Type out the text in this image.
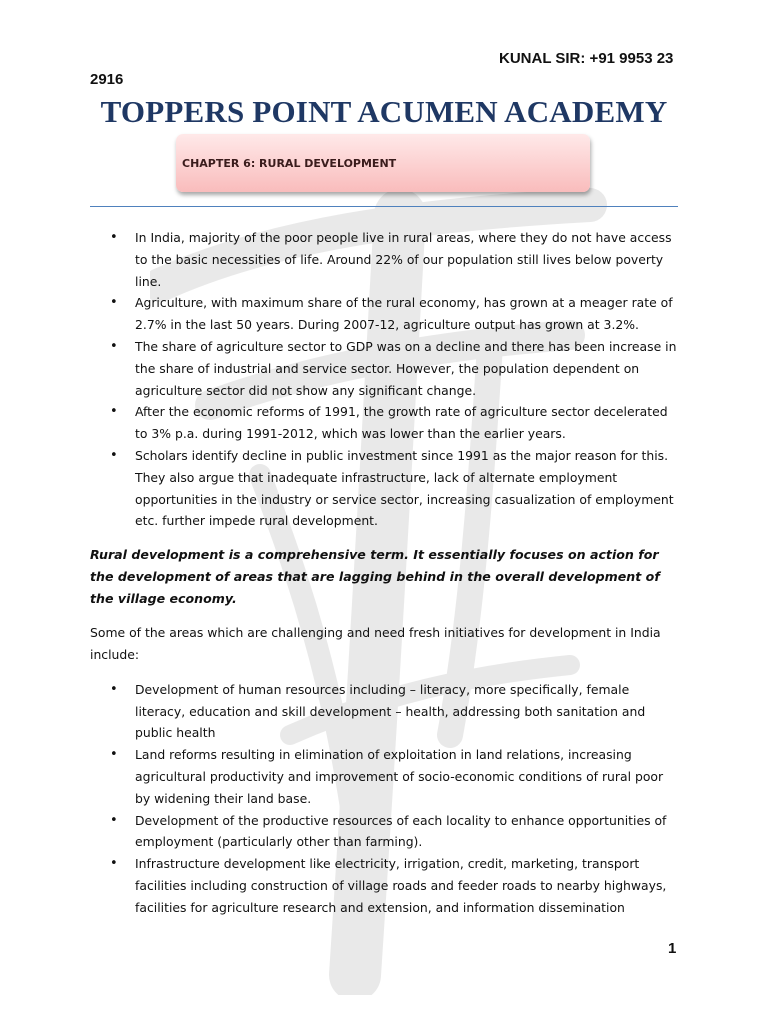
KUNAL SIR: +91 9953 23
2916
TOPPERS POINT ACUMEN ACADEMY
CHAPTER 6: RURAL DEVELOPMENT
• In India, majority of the poor people live in rural areas, where they do not have access to the basic necessities of life. Around 22% of our population still lives below poverty line.
• Agriculture, with maximum share of the rural economy, has grown at a meager rate of 2.7% in the last 50 years. During 2007-12, agriculture output has grown at 3.2%.
• The share of agriculture sector to GDP was on a decline and there has been increase in the share of industrial and service sector. However, the population dependent on agriculture sector did not show any significant change.
• After the economic reforms of 1991, the growth rate of agriculture sector decelerated to 3% p.a. during 1991-2012, which was lower than the earlier years.
• Scholars identify decline in public investment since 1991 as the major reason for this. They also argue that inadequate infrastructure, lack of alternate employment opportunities in the industry or service sector, increasing casualization of employment etc. further impede rural development.

Rural development is a comprehensive term. It essentially focuses on action for the development of areas that are lagging behind in the overall development of the village economy.

Some of the areas which are challenging and need fresh initiatives for development in India include:

• Development of human resources including – literacy, more specifically, female literacy, education and skill development – health, addressing both sanitation and public health
• Land reforms resulting in elimination of exploitation in land relations, increasing agricultural productivity and improvement of socio-economic conditions of rural poor by widening their land base.
• Development of the productive resources of each locality to enhance opportunities of employment (particularly other than farming).
• Infrastructure development like electricity, irrigation, credit, marketing, transport facilities including construction of village roads and feeder roads to nearby highways, facilities for agriculture research and extension, and information dissemination
1
